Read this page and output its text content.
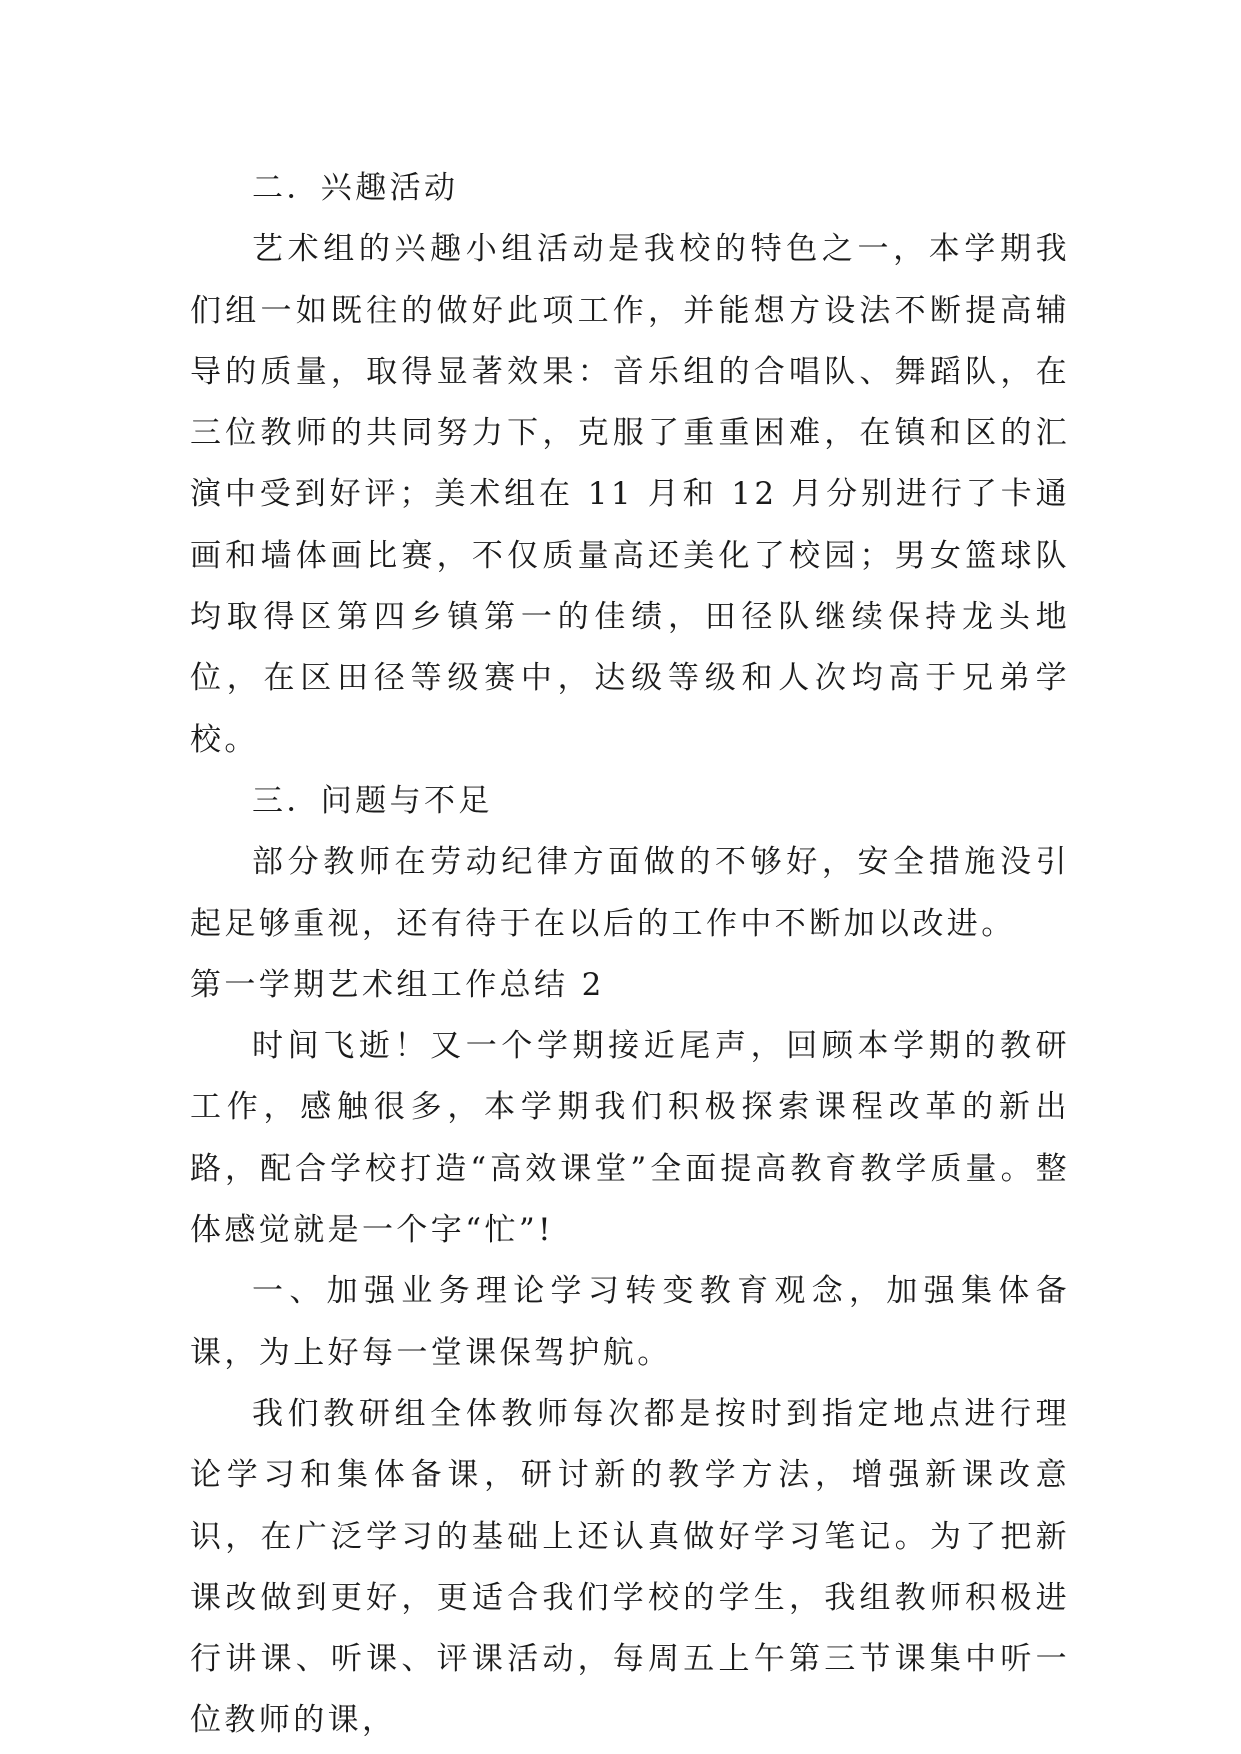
二．兴趣活动

艺术组的兴趣小组活动是我校的特色之一，本学期我们组一如既往的做好此项工作，并能想方设法不断提高辅导的质量，取得显著效果：音乐组的合唱队、舞蹈队，在三位教师的共同努力下，克服了重重困难，在镇和区的汇演中受到好评；美术组在 11 月和 12 月分别进行了卡通画和墙体画比赛，不仅质量高还美化了校园；男女篮球队均取得区第四乡镇第一的佳绩，田径队继续保持龙头地位，在区田径等级赛中，达级等级和人次均高于兄弟学校。

三．问题与不足

部分教师在劳动纪律方面做的不够好，安全措施没引起足够重视，还有待于在以后的工作中不断加以改进。

第一学期艺术组工作总结 2

时间飞逝！又一个学期接近尾声，回顾本学期的教研工作，感触很多，本学期我们积极探索课程改革的新出路，配合学校打造“高效课堂”全面提高教育教学质量。整体感觉就是一个字“忙”!

一、加强业务理论学习转变教育观念，加强集体备课，为上好每一堂课保驾护航。

我们教研组全体教师每次都是按时到指定地点进行理论学习和集体备课，研讨新的教学方法，增强新课改意识，在广泛学习的基础上还认真做好学习笔记。为了把新课改做到更好，更适合我们学校的学生，我组教师积极进行讲课、听课、评课活动，每周五上午第三节课集中听一位教师的课，
